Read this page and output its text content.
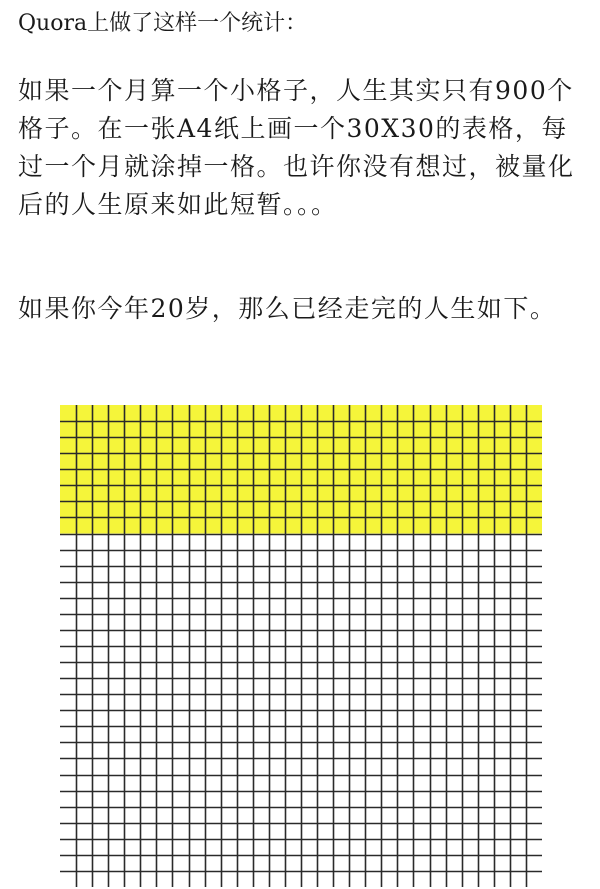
Quora上做了这样一个统计：

如果一个月算一个小格子，人生其实只有900个格子。在一张A4纸上画一个30X30的表格，每过一个月就涂掉一格。也许你没有想过，被量化后的人生原来如此短暂。。。

如果你今年20岁，那么已经走完的人生如下。
